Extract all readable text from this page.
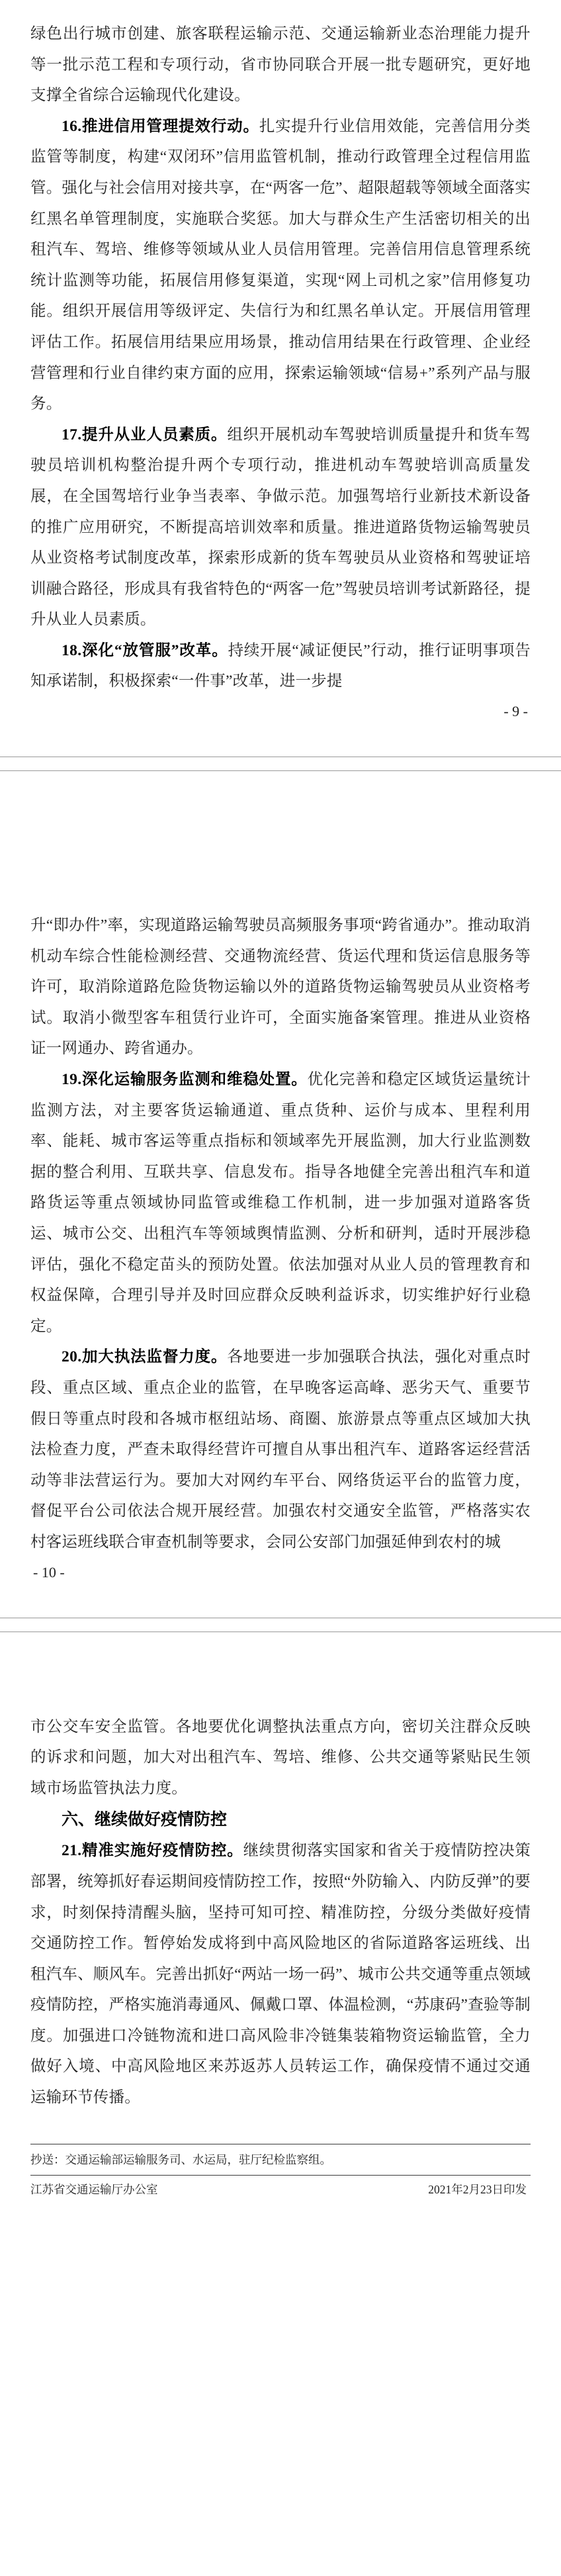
绿色出行城市创建、旅客联程运输示范、交通运输新业态治理能力提升等一批示范工程和专项行动，省市协同联合开展一批专题研究，更好地支撑全省综合运输现代化建设。

16.推进信用管理提效行动。扎实提升行业信用效能，完善信用分类监管等制度，构建“双闭环”信用监管机制，推动行政管理全过程信用监管。强化与社会信用对接共享，在“两客一危”、超限超载等领域全面落实红黑名单管理制度，实施联合奖惩。加大与群众生产生活密切相关的出租汽车、驾培、维修等领域从业人员信用管理。完善信用信息管理系统统计监测等功能，拓展信用修复渠道，实现“网上司机之家”信用修复功能。组织开展信用等级评定、失信行为和红黑名单认定。开展信用管理评估工作。拓展信用结果应用场景，推动信用结果在行政管理、企业经营管理和行业自律约束方面的应用，探索运输领域“信易+”系列产品与服务。

17.提升从业人员素质。组织开展机动车驾驶培训质量提升和货车驾驶员培训机构整治提升两个专项行动，推进机动车驾驶培训高质量发展，在全国驾培行业争当表率、争做示范。加强驾培行业新技术新设备的推广应用研究，不断提高培训效率和质量。推进道路货物运输驾驶员从业资格考试制度改革，探索形成新的货车驾驶员从业资格和驾驶证培训融合路径，形成具有我省特色的“两客一危”驾驶员培训考试新路径，提升从业人员素质。

18.深化“放管服”改革。持续开展“减证便民”行动，推行证明事项告知承诺制，积极探索“一件事”改革，进一步提

- 9 -

升“即办件”率，实现道路运输驾驶员高频服务事项“跨省通办”。推动取消机动车综合性能检测经营、交通物流经营、货运代理和货运信息服务等许可，取消除道路危险货物运输以外的道路货物运输驾驶员从业资格考试。取消小微型客车租赁行业许可，全面实施备案管理。推进从业资格证一网通办、跨省通办。

19.深化运输服务监测和维稳处置。优化完善和稳定区域货运量统计监测方法，对主要客货运输通道、重点货种、运价与成本、里程利用率、能耗、城市客运等重点指标和领域率先开展监测，加大行业监测数据的整合利用、互联共享、信息发布。指导各地健全完善出租汽车和道路货运等重点领域协同监管或维稳工作机制，进一步加强对道路客货运、城市公交、出租汽车等领域舆情监测、分析和研判，适时开展涉稳评估，强化不稳定苗头的预防处置。依法加强对从业人员的管理教育和权益保障，合理引导并及时回应群众反映利益诉求，切实维护好行业稳定。

20.加大执法监督力度。各地要进一步加强联合执法，强化对重点时段、重点区域、重点企业的监管，在早晚客运高峰、恶劣天气、重要节假日等重点时段和各城市枢纽站场、商圈、旅游景点等重点区域加大执法检查力度，严查未取得经营许可擅自从事出租汽车、道路客运经营活动等非法营运行为。要加大对网约车平台、网络货运平台的监管力度，督促平台公司依法合规开展经营。加强农村交通安全监管，严格落实农村客运班线联合审查机制等要求，会同公安部门加强延伸到农村的城

- 10 -

市公交车安全监管。各地要优化调整执法重点方向，密切关注群众反映的诉求和问题，加大对出租汽车、驾培、维修、公共交通等紧贴民生领域市场监管执法力度。

六、继续做好疫情防控

21.精准实施好疫情防控。继续贯彻落实国家和省关于疫情防控决策部署，统筹抓好春运期间疫情防控工作，按照“外防输入、内防反弹”的要求，时刻保持清醒头脑，坚持可知可控、精准防控，分级分类做好疫情交通防控工作。暂停始发成将到中高风险地区的省际道路客运班线、出租汽车、顺风车。完善出抓好“两站一场一码”、城市公共交通等重点领域疫情防控，严格实施消毒通风、佩戴口罩、体温检测，“苏康码”查验等制度。加强进口冷链物流和进口高风险非冷链集装箱物资运输监管，全力做好入境、中高风险地区来苏返苏人员转运工作，确保疫情不通过交通运输环节传播。

抄送：交通运输部运输服务司、水运局，驻厅纪检监察组。
江苏省交通运输厅办公室	2021年2月23日印发
